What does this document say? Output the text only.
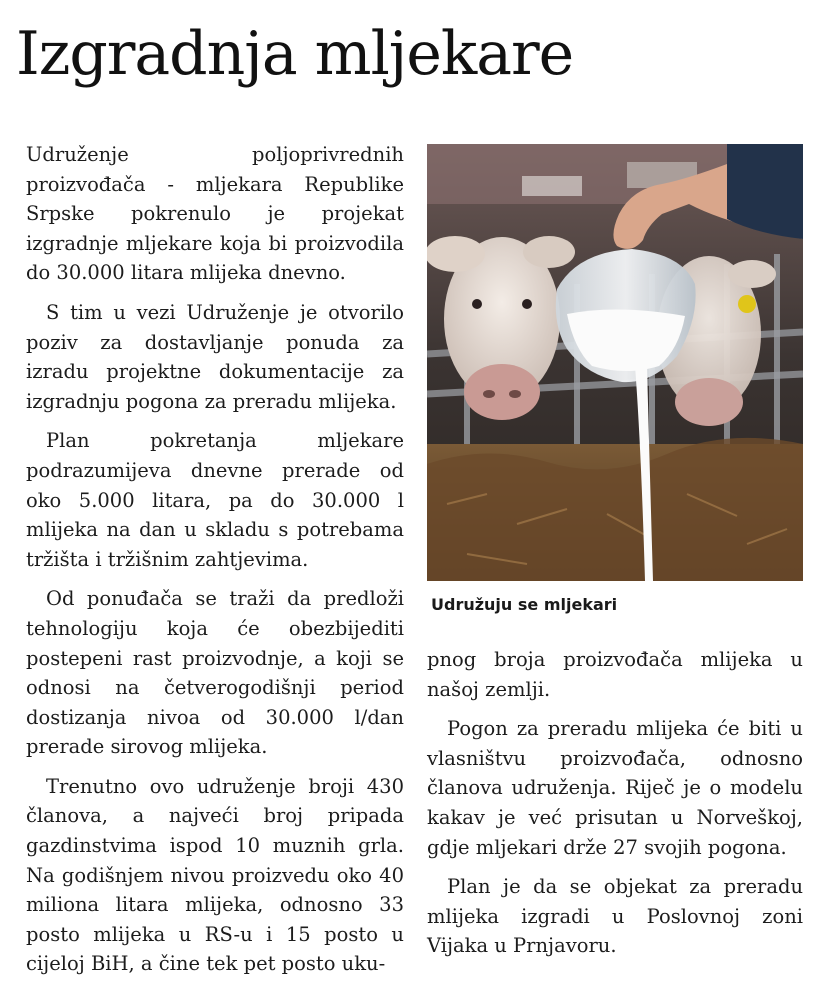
Izgradnja mljekare

Udruženje poljoprivrednih proizvođača - mljekara Republike Srpske pokrenulo je projekat izgradnje mljekare koja bi proizvodila do 30.000 litara mlijeka dnevno.

S tim u vezi Udruženje je otvorilo poziv za dostavljanje ponuda za izradu projektne dokumentacije za izgradnju pogona za preradu mlijeka.

Plan pokretanja mljekare podrazumijeva dnevne prerade od oko 5.000 litara, pa do 30.000 l mlijeka na dan u skladu s potrebama tržišta i tržišnim zahtjevima.

Od ponuđača se traži da predloži tehnologiju koja će obezbijediti postepeni rast proizvodnje, a koji se odnosi na četverogodišnji period dostizanja nivoa od 30.000 l/dan prerade sirovog mlijeka.

Trenutno ovo udruženje broji 430 članova, a najveći broj pripada gazdinstvima ispod 10 muznih grla. Na godišnjem nivou proizvedu oko 40 miliona litara mlijeka, odnosno 33 posto mlijeka u RS-u i 15 posto u cijeloj BiH, a čine tek pet posto uku-

Udružuju se mljekari

pnog broja proizvođača mlijeka u našoj zemlji.

Pogon za preradu mlijeka će biti u vlasništvu proizvođača, odnosno članova udruženja. Riječ je o modelu kakav je već prisutan u Norveškoj, gdje mljekari drže 27 svojih pogona.

Plan je da se objekat za preradu mlijeka izgradi u Poslovnoj zoni Vijaka u Prnjavoru.
